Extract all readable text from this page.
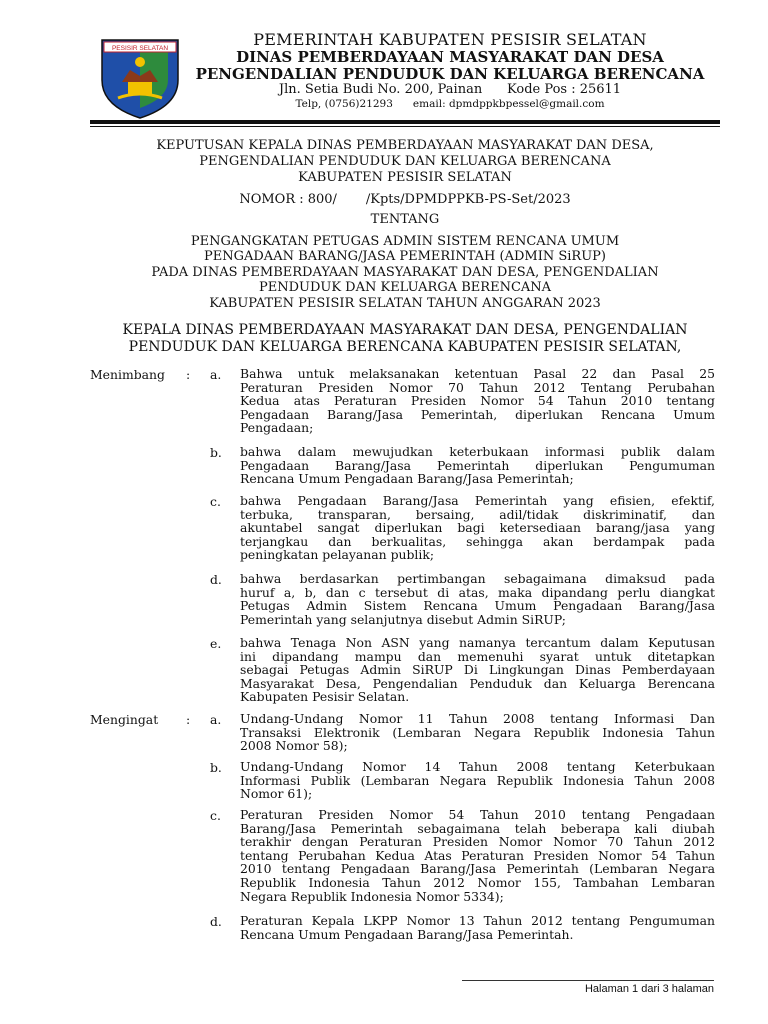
PESISIR SELATAN	PEMERINTAH KABUPATEN PESISIR SELATAN
DINAS PEMBERDAYAAN MASYARAKAT DAN DESA
PENGENDALIAN PENDUDUK DAN KELUARGA BERENCANA
Jln. Setia Budi No. 200, Painan      Kode Pos : 25611
Telp, (0756)21293      email: dpmdppkbpessel@gmail.com
KEPUTUSAN KEPALA DINAS PEMBERDAYAAN MASYARAKAT DAN DESA,
PENGENDALIAN PENDUDUK DAN KELUARGA BERENCANA
KABUPATEN PESISIR SELATAN
NOMOR : 800/       /Kpts/DPMDPPKB-PS-Set/2023
TENTANG
PENGANGKATAN PETUGAS ADMIN SISTEM RENCANA UMUM
PENGADAAN BARANG/JASA PEMERINTAH (ADMIN SiRUP)
PADA DINAS PEMBERDAYAAN MASYARAKAT DAN DESA, PENGENDALIAN
PENDUDUK DAN KELUARGA BERENCANA
KABUPATEN PESISIR SELATAN TAHUN ANGGARAN 2023
KEPALA DINAS PEMBERDAYAAN MASYARAKAT DAN DESA, PENGENDALIAN
PENDUDUK DAN KELUARGA BERENCANA KABUPATEN PESISIR SELATAN,
Menimbang : a. Bahwa untuk melaksanakan ketentuan Pasal 22 dan Pasal 25
Peraturan Presiden Nomor 70 Tahun 2012 Tentang Perubahan
Kedua atas Peraturan Presiden Nomor 54 Tahun 2010 tentang
Pengadaan Barang/Jasa Pemerintah, diperlukan Rencana Umum
Pengadaan;
b. bahwa dalam mewujudkan keterbukaan informasi publik dalam
Pengadaan Barang/Jasa Pemerintah diperlukan Pengumuman
Rencana Umum Pengadaan Barang/Jasa Pemerintah;
c. bahwa Pengadaan Barang/Jasa Pemerintah yang efisien, efektif,
terbuka, transparan, bersaing, adil/tidak diskriminatif, dan
akuntabel sangat diperlukan bagi ketersediaan barang/jasa yang
terjangkau dan berkualitas, sehingga akan berdampak pada
peningkatan pelayanan publik;
d. bahwa berdasarkan pertimbangan sebagaimana dimaksud pada
huruf a, b, dan c tersebut di atas, maka dipandang perlu diangkat
Petugas Admin Sistem Rencana Umum Pengadaan Barang/Jasa
Pemerintah yang selanjutnya disebut Admin SiRUP;
e. bahwa Tenaga Non ASN yang namanya tercantum dalam Keputusan
ini dipandang mampu dan memenuhi syarat untuk ditetapkan
sebagai Petugas Admin SiRUP Di Lingkungan Dinas Pemberdayaan
Masyarakat Desa, Pengendalian Penduduk dan Keluarga Berencana
Kabupaten Pesisir Selatan.
Mengingat : a. Undang-Undang Nomor 11 Tahun 2008 tentang Informasi Dan
Transaksi Elektronik (Lembaran Negara Republik Indonesia Tahun
2008 Nomor 58);
b. Undang-Undang Nomor 14 Tahun 2008 tentang Keterbukaan
Informasi Publik (Lembaran Negara Republik Indonesia Tahun 2008
Nomor 61);
c. Peraturan Presiden Nomor 54 Tahun 2010 tentang Pengadaan
Barang/Jasa Pemerintah sebagaimana telah beberapa kali diubah
terakhir dengan Peraturan Presiden Nomor Nomor 70 Tahun 2012
tentang Perubahan Kedua Atas Peraturan Presiden Nomor 54 Tahun
2010 tentang Pengadaan Barang/Jasa Pemerintah (Lembaran Negara
Republik Indonesia Tahun 2012 Nomor 155, Tambahan Lembaran
Negara Republik Indonesia Nomor 5334);
d. Peraturan Kepala LKPP Nomor 13 Tahun 2012 tentang Pengumuman
Rencana Umum Pengadaan Barang/Jasa Pemerintah.
Halaman 1 dari 3 halaman
